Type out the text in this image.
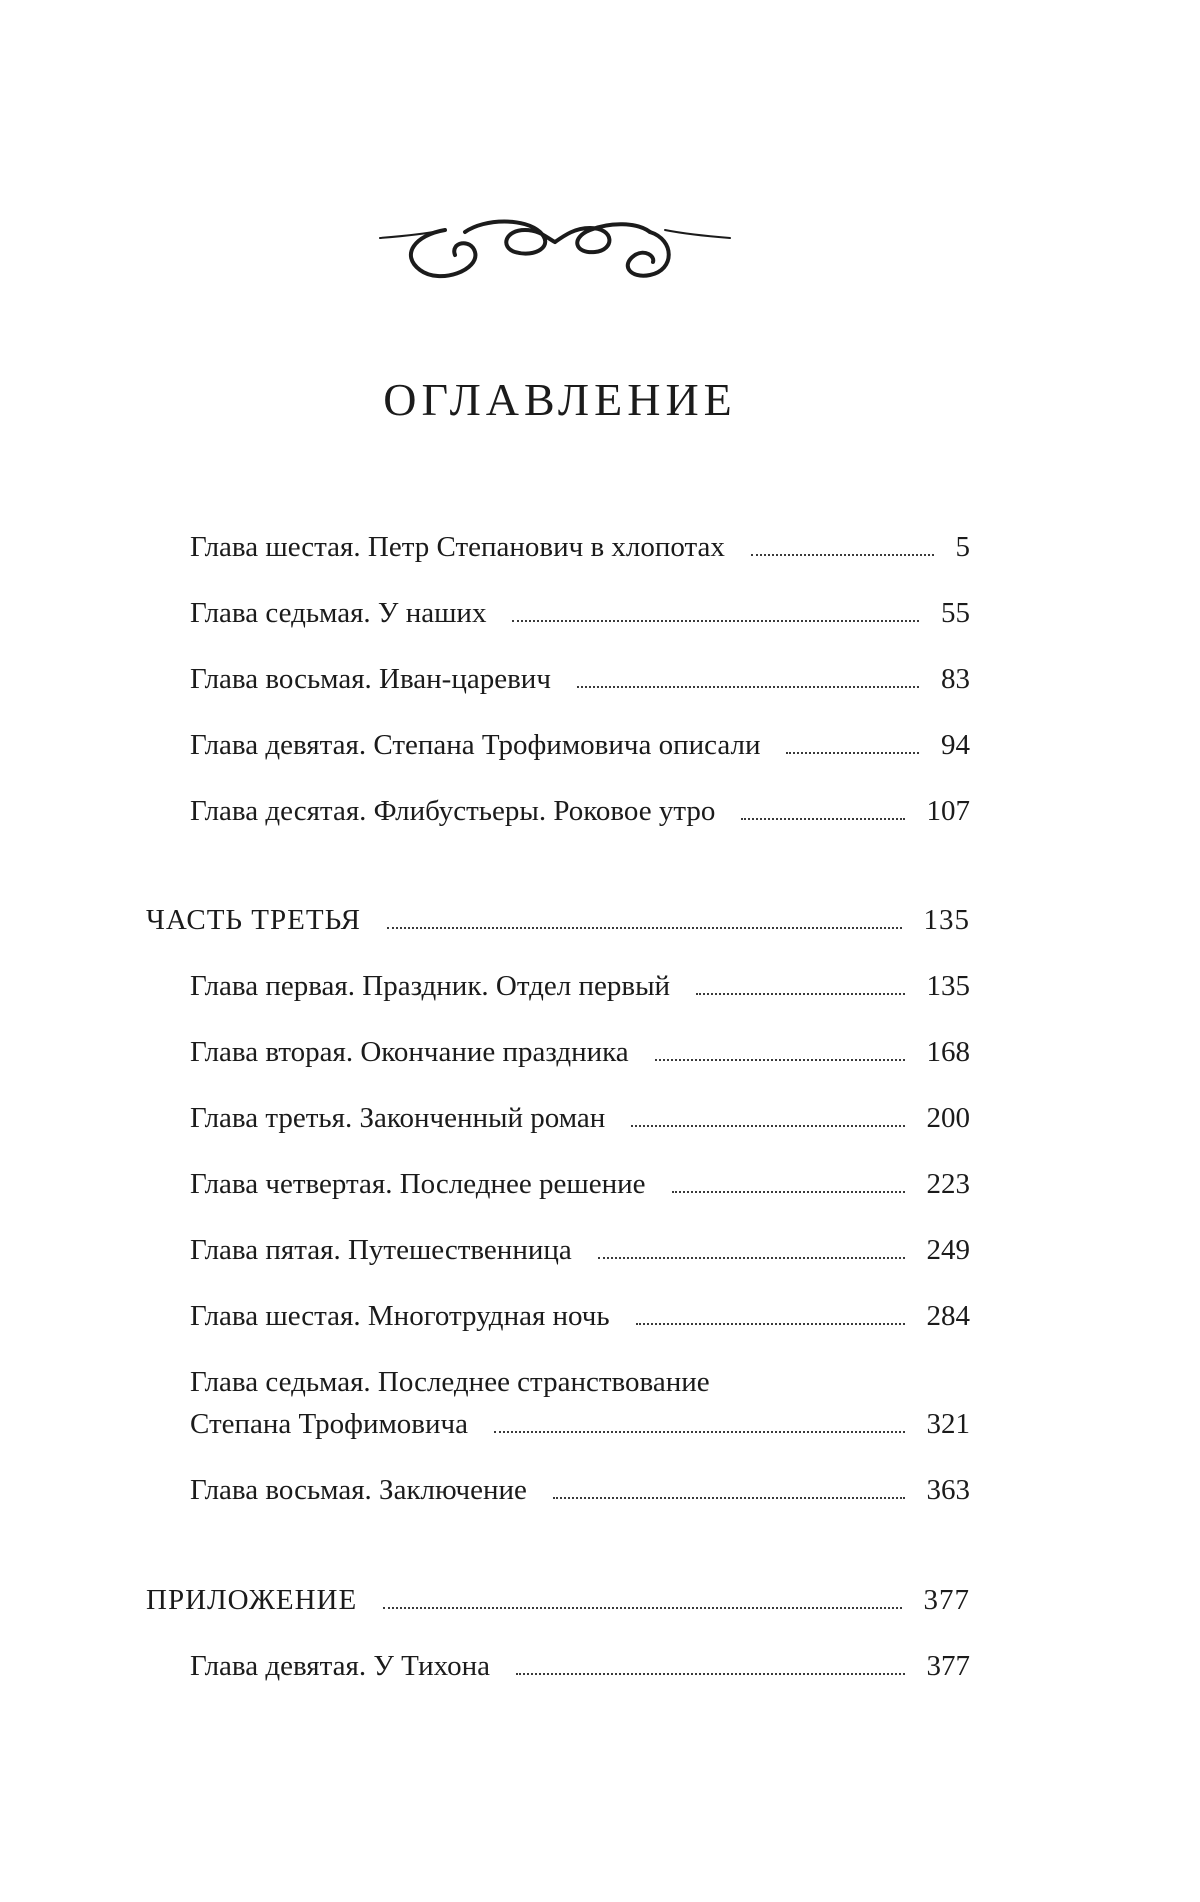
ОГЛАВЛЕНИЕ
Глава шестая. Петр Степанович в хлопотах	5
Глава седьмая. У наших	55
Глава восьмая. Иван-царевич	83
Глава девятая. Степана Трофимовича описали	94
Глава десятая. Флибустьеры. Роковое утро	107
ЧАСТЬ ТРЕТЬЯ	135
Глава первая. Праздник. Отдел первый	135
Глава вторая. Окончание праздника	168
Глава третья. Законченный роман	200
Глава четвертая. Последнее решение	223
Глава пятая. Путешественница	249
Глава шестая. Многотрудная ночь	284
Глава седьмая. Последнее странствование
Степана Трофимовича	321
Глава восьмая. Заключение	363
ПРИЛОЖЕНИЕ	377
Глава девятая. У Тихона	377
